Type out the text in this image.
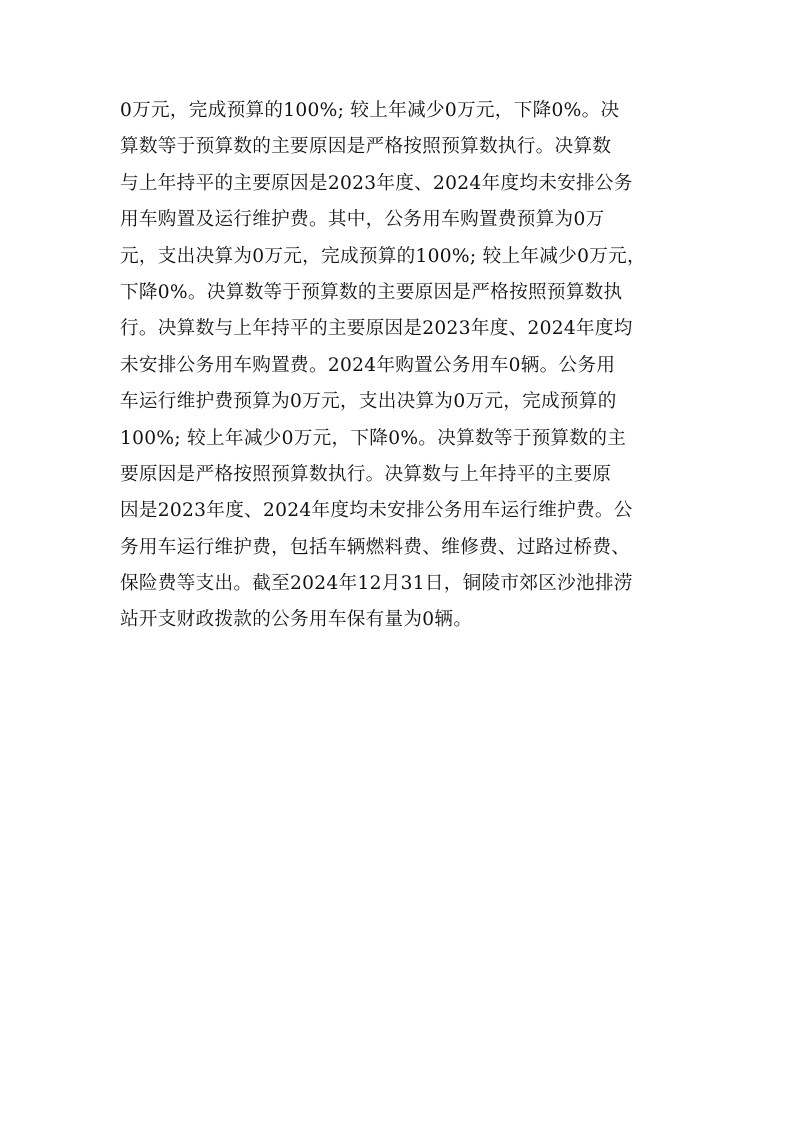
0万元，完成预算的100%; 较上年减少0万元，下降0%。决
算数等于预算数的主要原因是严格按照预算数执行。决算数
与上年持平的主要原因是2023年度、2024年度均未安排公务
用车购置及运行维护费。其中，公务用车购置费预算为0万
元，支出决算为0万元，完成预算的100%; 较上年减少0万元，
下降0%。决算数等于预算数的主要原因是严格按照预算数执
行。决算数与上年持平的主要原因是2023年度、2024年度均
未安排公务用车购置费。2024年购置公务用车0辆。公务用
车运行维护费预算为0万元，支出决算为0万元，完成预算的
100%; 较上年减少0万元，下降0%。决算数等于预算数的主
要原因是严格按照预算数执行。决算数与上年持平的主要原
因是2023年度、2024年度均未安排公务用车运行维护费。公
务用车运行维护费，包括车辆燃料费、维修费、过路过桥费、
保险费等支出。截至2024年12月31日，铜陵市郊区沙池排涝
站开支财政拨款的公务用车保有量为0辆。
